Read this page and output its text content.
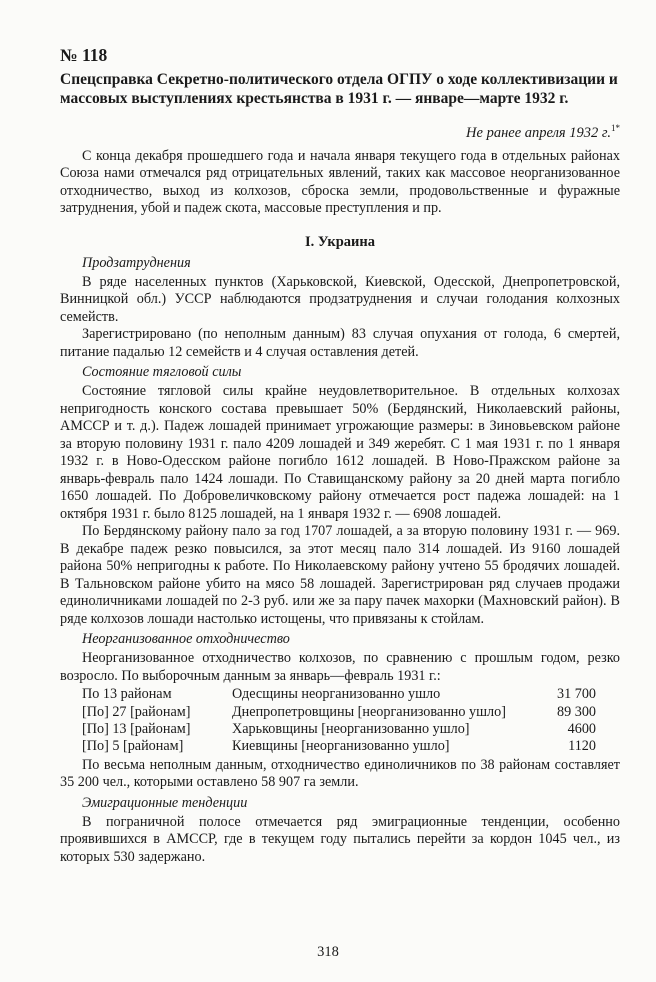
№ 118
Спецсправка Секретно-политического отдела ОГПУ о ходе коллективизации и массовых выступлениях крестьянства в 1931 г. — январе—марте 1932 г.
Не ранее апреля 1932 г.$^{1*}$

С конца декабря прошедшего года и начала января текущего года в отдельных районах Союза нами отмечался ряд отрицательных явлений, таких как массовое неорганизованное отходничество, выход из колхозов, сброска земли, продовольственные и фуражные затруднения, убой и падеж скота, массовые преступления и пр.

I. Украина
Продзатруднения

В ряде населенных пунктов (Харьковской, Киевской, Одесской, Днепропетровской, Винницкой обл.) УССР наблюдаются продзатруднения и случаи голодания колхозных семейств.

Зарегистрировано (по неполным данным) 83 случая опухания от голода, 6 смертей, питание падалью 12 семейств и 4 случая оставления детей.

Состояние тягловой силы

Состояние тягловой силы крайне неудовлетворительное. В отдельных колхозах непригодность конского состава превышает 50% (Бердянский, Николаевский районы, АМССР и т. д.). Падеж лошадей принимает угрожающие размеры: в Зиновьевском районе за вторую половину 1931 г. пало 4209 лошадей и 349 жеребят. С 1 мая 1931 г. по 1 января 1932 г. в Ново-Одесском районе погибло 1612 лошадей. В Ново-Пражском районе за январь-февраль пало 1424 лошади. По Ставищанскому району за 20 дней марта погибло 1650 лошадей. По Добровеличковскому району отмечается рост падежа лошадей: на 1 октября 1931 г. было 8125 лошадей, на 1 января 1932 г. — 6908 лошадей.

По Бердянскому району пало за год 1707 лошадей, а за вторую половину 1931 г. — 969. В декабре падеж резко повысился, за этот месяц пало 314 лошадей. Из 9160 лошадей района 50% непригодны к работе. По Николаевскому району учтено 55 бродячих лошадей. В Тальновском районе убито на мясо 58 лошадей. Зарегистрирован ряд случаев продажи единоличниками лошадей по 2-3 руб. или же за пару пачек махорки (Махновский район). В ряде колхозов лошади настолько истощены, что привязаны к стойлам.

Неорганизованное отходничество

Неорганизованное отходничество колхозов, по сравнению с прошлым годом, резко возросло. По выборочным данным за январь—февраль 1931 г.:

По 13 районам	Одесщины неорганизованно ушло	31 700
[По] 27 [районам]	Днепропетровщины [неорганизованно ушло]	89 300
[По] 13 [районам]	Харьковщины [неорганизованно ушло]	4600
[По] 5 [районам]	Киевщины [неорганизованно ушло]	1120

По весьма неполным данным, отходничество единоличников по 38 районам составляет 35 200 чел., которыми оставлено 58 907 га земли.

Эмиграционные тенденции

В пограничной полосе отмечается ряд эмиграционные тенденции, особенно проявившихся в АМССР, где в текущем году пытались перейти за кордон 1045 чел., из которых 530 задержано.

318
